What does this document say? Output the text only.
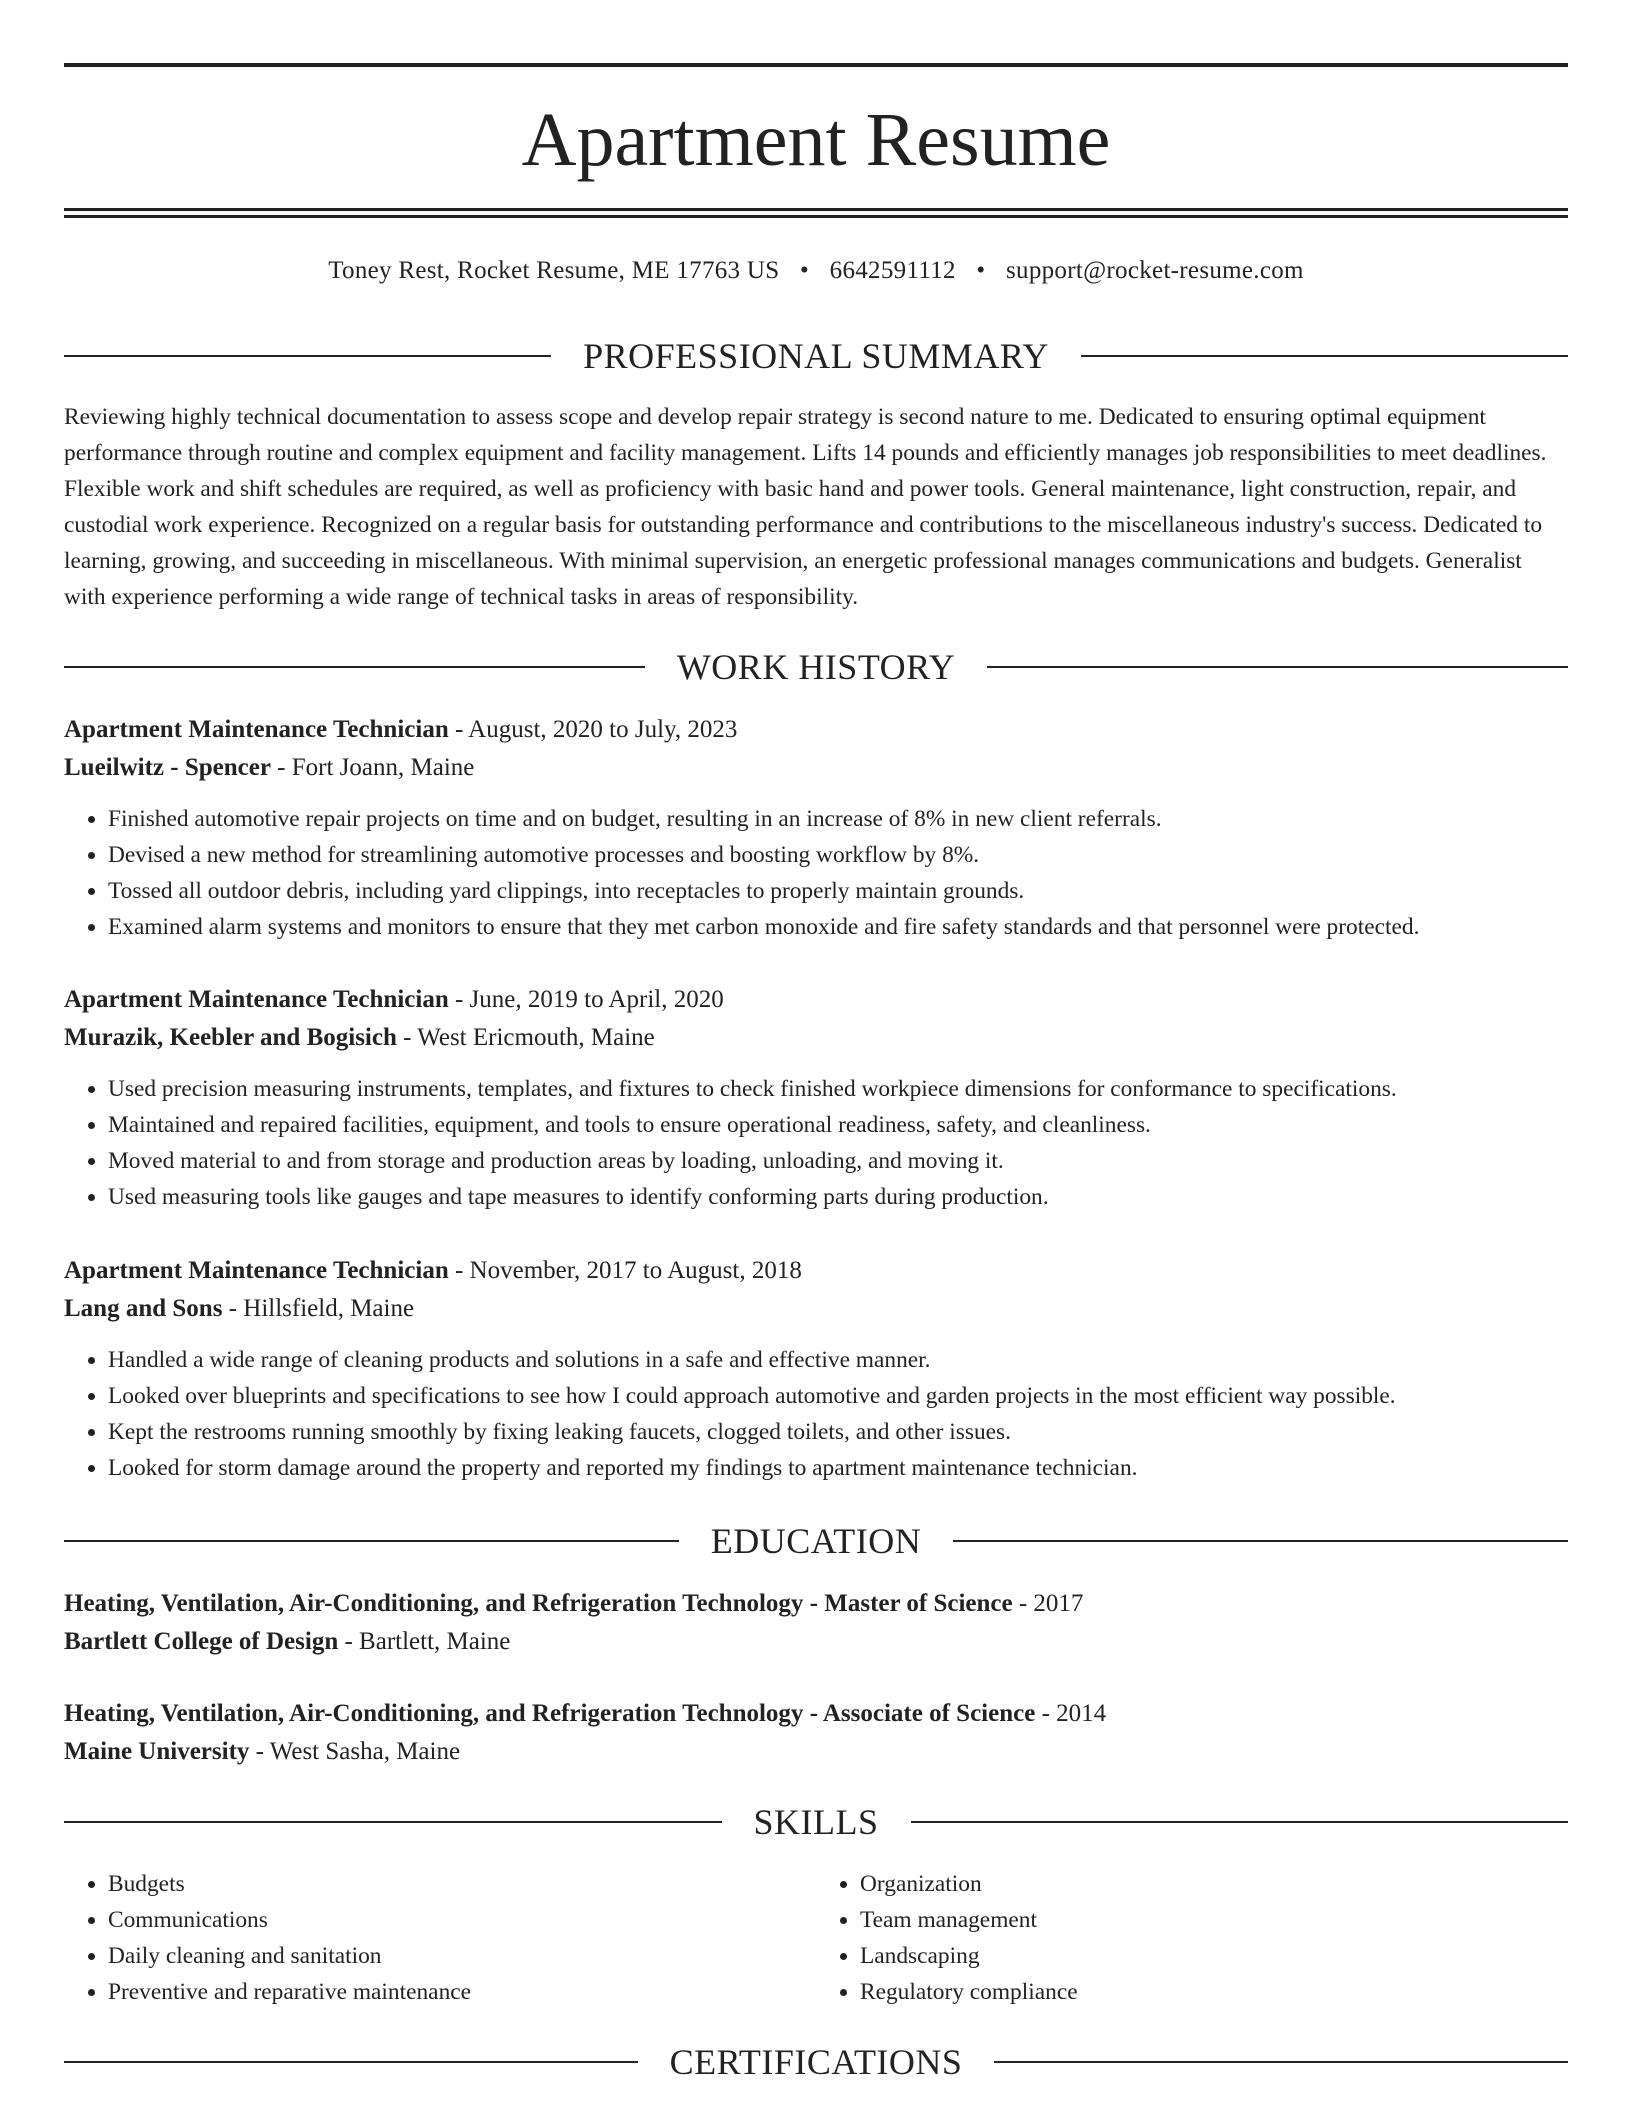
Apartment Resume
Toney Rest, Rocket Resume, ME 17763 US • 6642591112 • support@rocket-resume.com
PROFESSIONAL SUMMARY

Reviewing highly technical documentation to assess scope and develop repair strategy is second nature to me. Dedicated to ensuring optimal equipment performance through routine and complex equipment and facility management. Lifts 14 pounds and efficiently manages job responsibilities to meet deadlines. Flexible work and shift schedules are required, as well as proficiency with basic hand and power tools. General maintenance, light construction, repair, and custodial work experience. Recognized on a regular basis for outstanding performance and contributions to the miscellaneous industry's success. Dedicated to learning, growing, and succeeding in miscellaneous. With minimal supervision, an energetic professional manages communications and budgets. Generalist with experience performing a wide range of technical tasks in areas of responsibility.

WORK HISTORY
Apartment Maintenance Technician - August, 2020 to July, 2023
Lueilwitz - Spencer - Fort Joann, Maine
• Finished automotive repair projects on time and on budget, resulting in an increase of 8% in new client referrals.
• Devised a new method for streamlining automotive processes and boosting workflow by 8%.
• Tossed all outdoor debris, including yard clippings, into receptacles to properly maintain grounds.
• Examined alarm systems and monitors to ensure that they met carbon monoxide and fire safety standards and that personnel were protected.
Apartment Maintenance Technician - June, 2019 to April, 2020
Murazik, Keebler and Bogisich - West Ericmouth, Maine
• Used precision measuring instruments, templates, and fixtures to check finished workpiece dimensions for conformance to specifications.
• Maintained and repaired facilities, equipment, and tools to ensure operational readiness, safety, and cleanliness.
• Moved material to and from storage and production areas by loading, unloading, and moving it.
• Used measuring tools like gauges and tape measures to identify conforming parts during production.
Apartment Maintenance Technician - November, 2017 to August, 2018
Lang and Sons - Hillsfield, Maine
• Handled a wide range of cleaning products and solutions in a safe and effective manner.
• Looked over blueprints and specifications to see how I could approach automotive and garden projects in the most efficient way possible.
• Kept the restrooms running smoothly by fixing leaking faucets, clogged toilets, and other issues.
• Looked for storm damage around the property and reported my findings to apartment maintenance technician.
EDUCATION
Heating, Ventilation, Air-Conditioning, and Refrigeration Technology - Master of Science - 2017
Bartlett College of Design - Bartlett, Maine
Heating, Ventilation, Air-Conditioning, and Refrigeration Technology - Associate of Science - 2014
Maine University - West Sasha, Maine
SKILLS
• Budgets
• Communications
• Daily cleaning and sanitation
• Preventive and reparative maintenance
• Organization
• Team management
• Landscaping
• Regulatory compliance
CERTIFICATIONS
